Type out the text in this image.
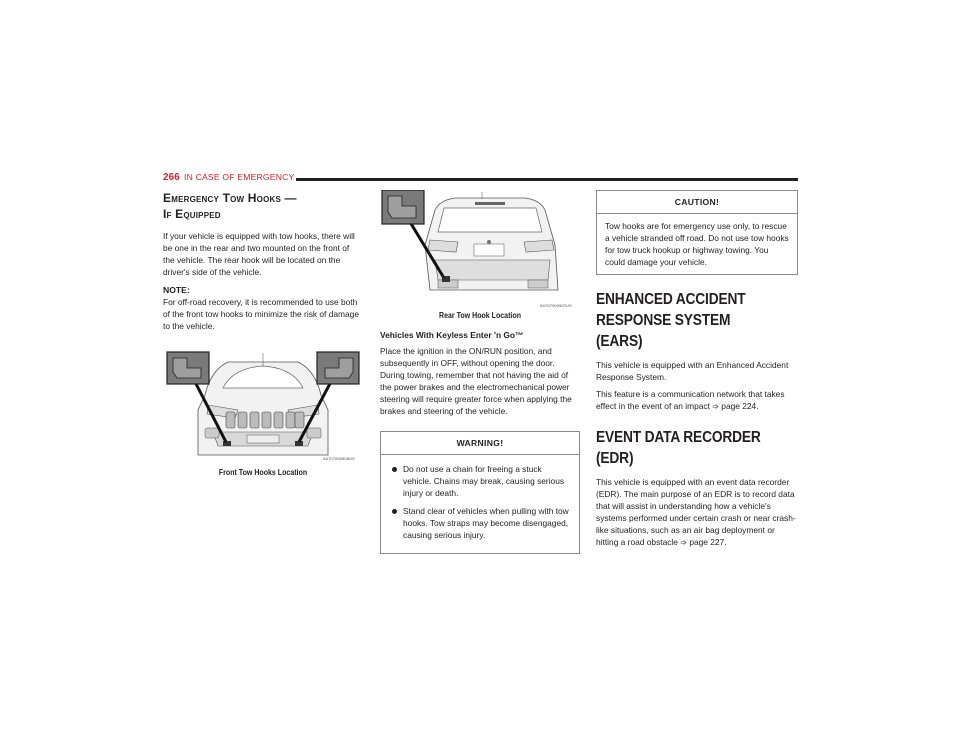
266 IN CASE OF EMERGENCY
Emergency Tow Hooks —
If Equipped

If your vehicle is equipped with tow hooks, there will be one in the rear and two mounted on the front of the vehicle. The rear hook will be located on the driver's side of the vehicle.

NOTE:

For off-road recovery, it is recommended to use both of the front tow hooks to minimize the risk of damage to the vehicle.

A0707000906US
Front Tow Hooks Location
A0707000907US
Rear Tow Hook Location
Vehicles With Keyless Enter 'n Go™

Place the ignition in the ON/RUN position, and subsequently in OFF, without opening the door. During towing, remember that not having the aid of the power brakes and the electromechanical power steering will require greater force when applying the brakes and steering of the vehicle.

WARNING!
Do not use a chain for freeing a stuck vehicle. Chains may break, causing serious injury or death.
Stand clear of vehicles when pulling with tow hooks. Tow straps may become disengaged, causing serious injury.
CAUTION!

Tow hooks are for emergency use only, to rescue a vehicle stranded off road. Do not use tow hooks for tow truck hookup or highway towing. You could damage your vehicle.

ENHANCED ACCIDENT RESPONSE SYSTEM
(EARS)

This vehicle is equipped with an Enhanced Accident Response System.

This feature is a communication network that takes effect in the event of an impact ➩ page 224.

EVENT DATA RECORDER (EDR)

This vehicle is equipped with an event data recorder (EDR). The main purpose of an EDR is to record data that will assist in understanding how a vehicle's systems performed under certain crash or near crash-like situations, such as an air bag deployment or hitting a road obstacle ➩ page 227.
